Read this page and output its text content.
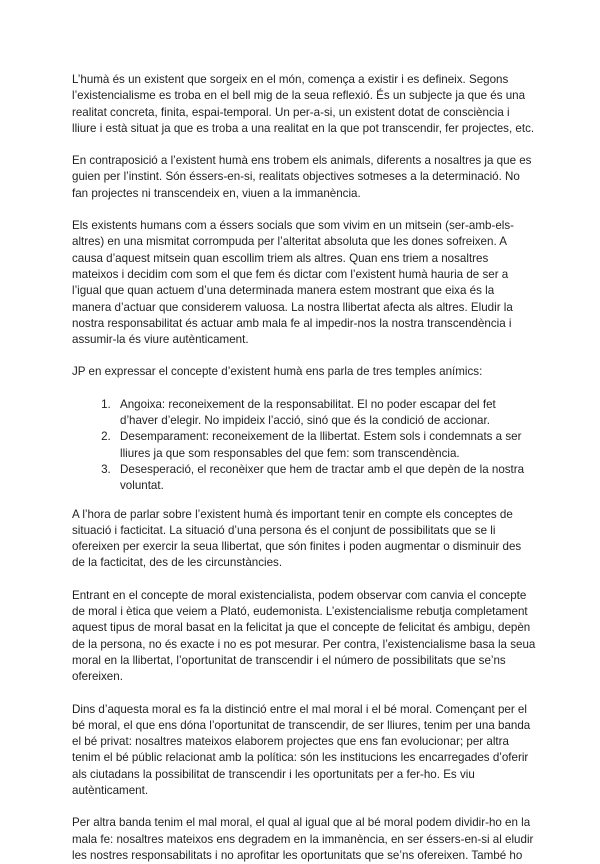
L’humà és un existent que sorgeix en el món, comença a existir i es defineix. Segons l’existencialisme es troba en el bell mig de la seua reflexió. És un subjecte ja que és una realitat concreta, finita, espai-temporal. Un per-a-si, un existent dotat de consciència i lliure i està situat ja que es troba a una realitat en la que pot transcendir, fer projectes, etc.

En contraposició a l’existent humà ens trobem els animals, diferents a nosaltres ja que es guien per l’instint. Són éssers-en-si, realitats objectives sotmeses a la determinació. No fan projectes ni transcendeix en, viuen a la immanència.

Els existents humans com a éssers socials que som vivim en un mitsein (ser-amb-els-altres) en una mismitat corrompuda per l’alteritat absoluta que les dones sofreixen. A causa d’aquest mitsein quan escollim triem als altres. Quan ens triem a nosaltres mateixos i decidim com som el que fem és dictar com l’existent humà hauria de ser a l’igual que quan actuem d’una determinada manera estem mostrant que eixa és la manera d’actuar que considerem valuosa. La nostra llibertat afecta als altres. Eludir la nostra responsabilitat és actuar amb mala fe al impedir-nos la nostra transcendència i assumir-la és viure autènticament.

JP en expressar el concepte d’existent humà ens parla de tres temples anímics:

1. Angoixa: reconeixement de la responsabilitat. El no poder escapar del fet d’haver d’elegir. No impideix l’acció, sinó que és la condició de accionar.
2. Desemparament: reconeixement de la llibertat. Estem sols i condemnats a ser lliures ja que som responsables del que fem: som transcendència.
3. Desesperació, el reconèixer que hem de tractar amb el que depèn de la nostra voluntat.

A l’hora de parlar sobre l’existent humà és important tenir en compte els conceptes de situació i facticitat. La situació d’una persona és el conjunt de possibilitats que se li ofereixen per exercir la seua llibertat, que són finites i poden augmentar o disminuir des de la facticitat, des de les circunstàncies.

Entrant en el concepte de moral existencialista, podem observar com canvia el concepte de moral i ètica que veiem a Plató, eudemonista. L’existencialisme rebutja completament aquest tipus de moral basat en la felicitat ja que el concepte de felicitat és ambigu, depèn de la persona, no és exacte i no es pot mesurar. Per contra, l’existencialisme basa la seua moral en la llibertat, l’oportunitat de transcendir i el número de possibilitats que se’ns ofereixen.

Dins d’aquesta moral es fa la distinció entre el mal moral i el bé moral. Començant per el bé moral, el que ens dóna l’oportunitat de transcendir, de ser lliures, tenim per una banda el bé privat: nosaltres mateixos elaborem projectes que ens fan evolucionar; per altra tenim el bé públic relacionat amb la política: són les institucions les encarregades d’oferir als ciutadans la possibilitat de transcendir i les oportunitats per a fer-ho. Es viu autènticament.

Per altra banda tenim el mal moral, el qual al igual que al bé moral podem dividir-ho en la mala fe: nosaltres mateixos ens degradem en la immanència, en ser éssers-en-si al eludir les nostres responsabilitats i no aprofitar les oportunitats que se’ns ofereixen. També ho
